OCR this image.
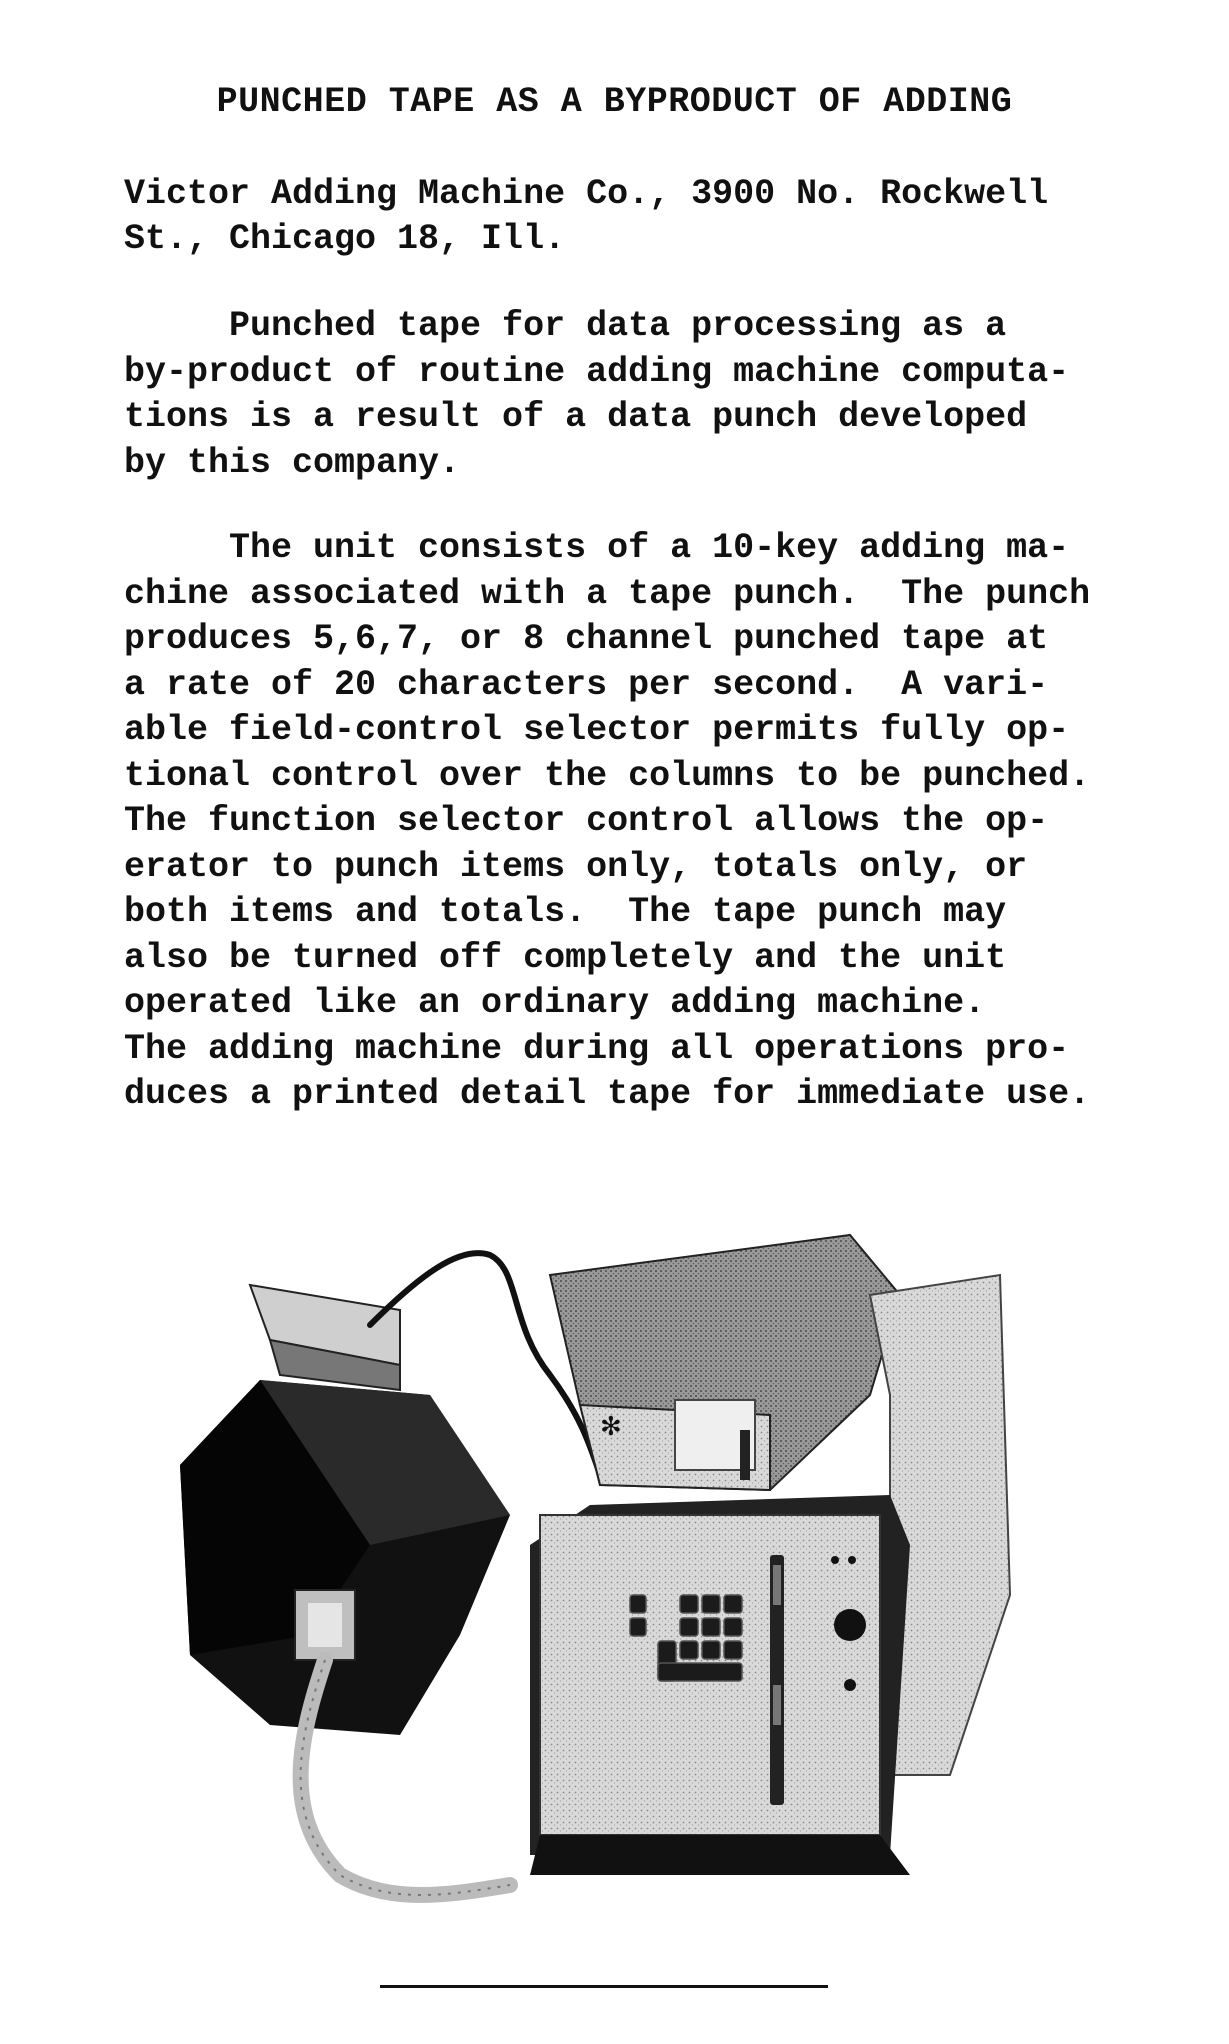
PUNCHED TAPE AS A BYPRODUCT OF ADDING
Victor Adding Machine Co., 3900 No. Rockwell
St., Chicago 18, Ill.
Punched tape for data processing as a
by-product of routine adding machine computa-
tions is a result of a data punch developed
by this company.
The unit consists of a 10-key adding ma-
chine associated with a tape punch.  The punch
produces 5,6,7, or 8 channel punched tape at
a rate of 20 characters per second.  A vari-
able field-control selector permits fully op-
tional control over the columns to be punched.
The function selector control allows the op-
erator to punch items only, totals only, or
both items and totals.  The tape punch may
also be turned off completely and the unit
operated like an ordinary adding machine.
The adding machine during all operations pro-
duces a printed detail tape for immediate use.
✻
